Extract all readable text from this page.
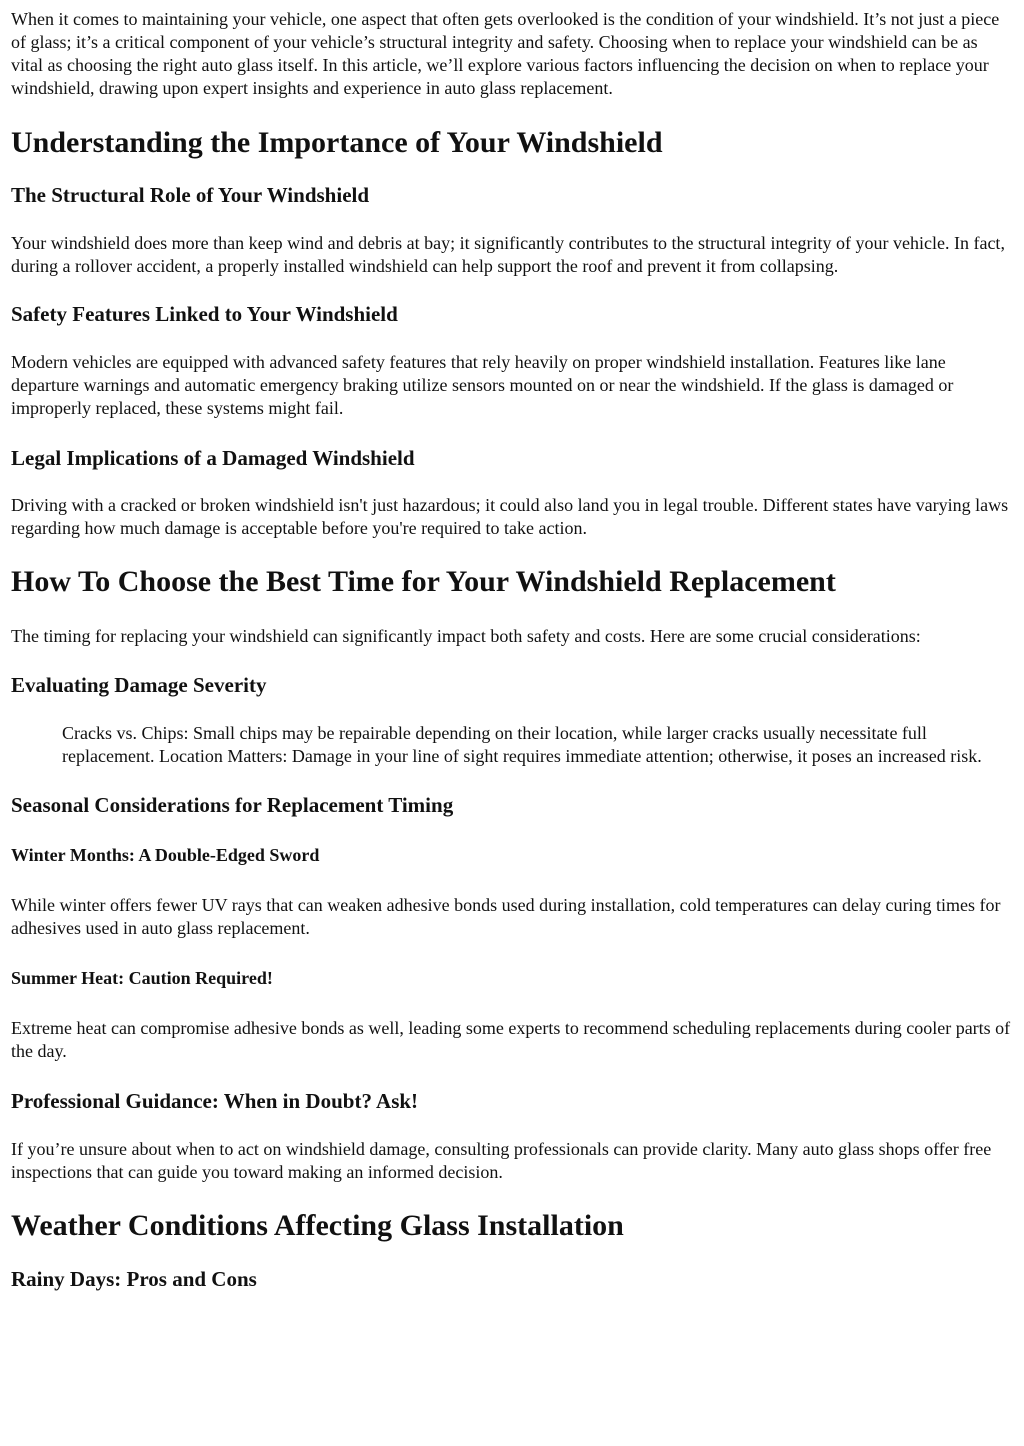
When it comes to maintaining your vehicle, one aspect that often gets overlooked is the condition of your windshield. It’s not just a piece of glass; it’s a critical component of your vehicle’s structural integrity and safety. Choosing when to replace your windshield can be as vital as choosing the right auto glass itself. In this article, we’ll explore various factors influencing the decision on when to replace your windshield, drawing upon expert insights and experience in auto glass replacement.

Understanding the Importance of Your Windshield
The Structural Role of Your Windshield

Your windshield does more than keep wind and debris at bay; it significantly contributes to the structural integrity of your vehicle. In fact, during a rollover accident, a properly installed windshield can help support the roof and prevent it from collapsing.

Safety Features Linked to Your Windshield

Modern vehicles are equipped with advanced safety features that rely heavily on proper windshield installation. Features like lane departure warnings and automatic emergency braking utilize sensors mounted on or near the windshield. If the glass is damaged or improperly replaced, these systems might fail.

Legal Implications of a Damaged Windshield

Driving with a cracked or broken windshield isn't just hazardous; it could also land you in legal trouble. Different states have varying laws regarding how much damage is acceptable before you're required to take action.

How To Choose the Best Time for Your Windshield Replacement

The timing for replacing your windshield can significantly impact both safety and costs. Here are some crucial considerations:

Evaluating Damage Severity
Cracks vs. Chips: Small chips may be repairable depending on their location, while larger cracks usually necessitate full replacement. Location Matters: Damage in your line of sight requires immediate attention; otherwise, it poses an increased risk.
Seasonal Considerations for Replacement Timing
Winter Months: A Double-Edged Sword

While winter offers fewer UV rays that can weaken adhesive bonds used during installation, cold temperatures can delay curing times for adhesives used in auto glass replacement.

Summer Heat: Caution Required!

Extreme heat can compromise adhesive bonds as well, leading some experts to recommend scheduling replacements during cooler parts of the day.

Professional Guidance: When in Doubt? Ask!

If you’re unsure about when to act on windshield damage, consulting professionals can provide clarity. Many auto glass shops offer free inspections that can guide you toward making an informed decision.

Weather Conditions Affecting Glass Installation
Rainy Days: Pros and Cons
